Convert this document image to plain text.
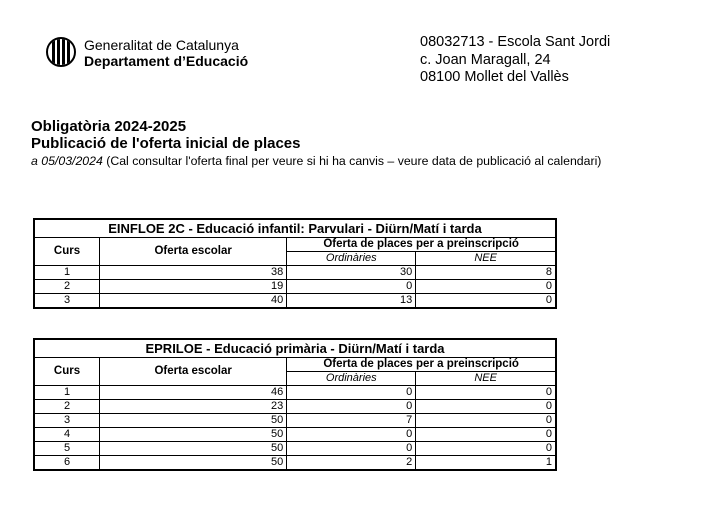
Generalitat de Catalunya
Departament d’Educació
08032713 - Escola Sant Jordi
c. Joan Maragall, 24
08100 Mollet del Vallès
Obligatòria 2024-2025
Publicació de l'oferta inicial de places
a 05/03/2024 (Cal consultar l'oferta final per veure si hi ha canvis – veure data de publicació al calendari)
EINFLOE 2C - Educació infantil: Parvulari - Diürn/Matí i tarda			
Curs	Oferta escolar	Oferta de places per a preinscripció	
		Ordinàries	NEE
1	38	30	8
2	19	0	0
3	40	13	0
EPRILOE - Educació primària - Diürn/Matí i tarda			
Curs	Oferta escolar	Oferta de places per a preinscripció	
		Ordinàries	NEE
1	46	0	0
2	23	0	0
3	50	7	0
4	50	0	0
5	50	0	0
6	50	2	1
